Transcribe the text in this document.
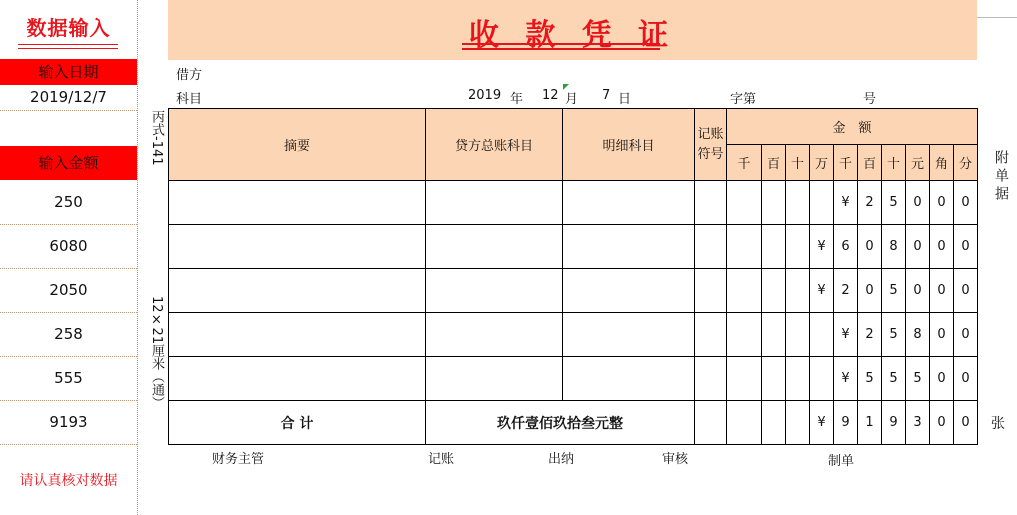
数据输入
输入日期
2019/12/7
输入金额
250
6080
2050
258
555
9193
请认真核对数据
收 款 凭 证
借方
科目	2019 年 12 月 7 日	字第	号
丙式-141
12×21厘米（通）
附单据
张
摘要	贷方总账科目	明细科目	记账符号	金　额									
				千	百	十	万	千	百	十	元	角	分
								¥	2	5	0	0	0
							¥	6	0	8	0	0	0
							¥	2	0	5	0	0	0
								¥	2	5	8	0	0
								¥	5	5	5	0	0
合 计	玖仟壹佰玖拾叁元整						¥	9	1	9	3	0	0
财务主管	记账	出纳	审核	制单
